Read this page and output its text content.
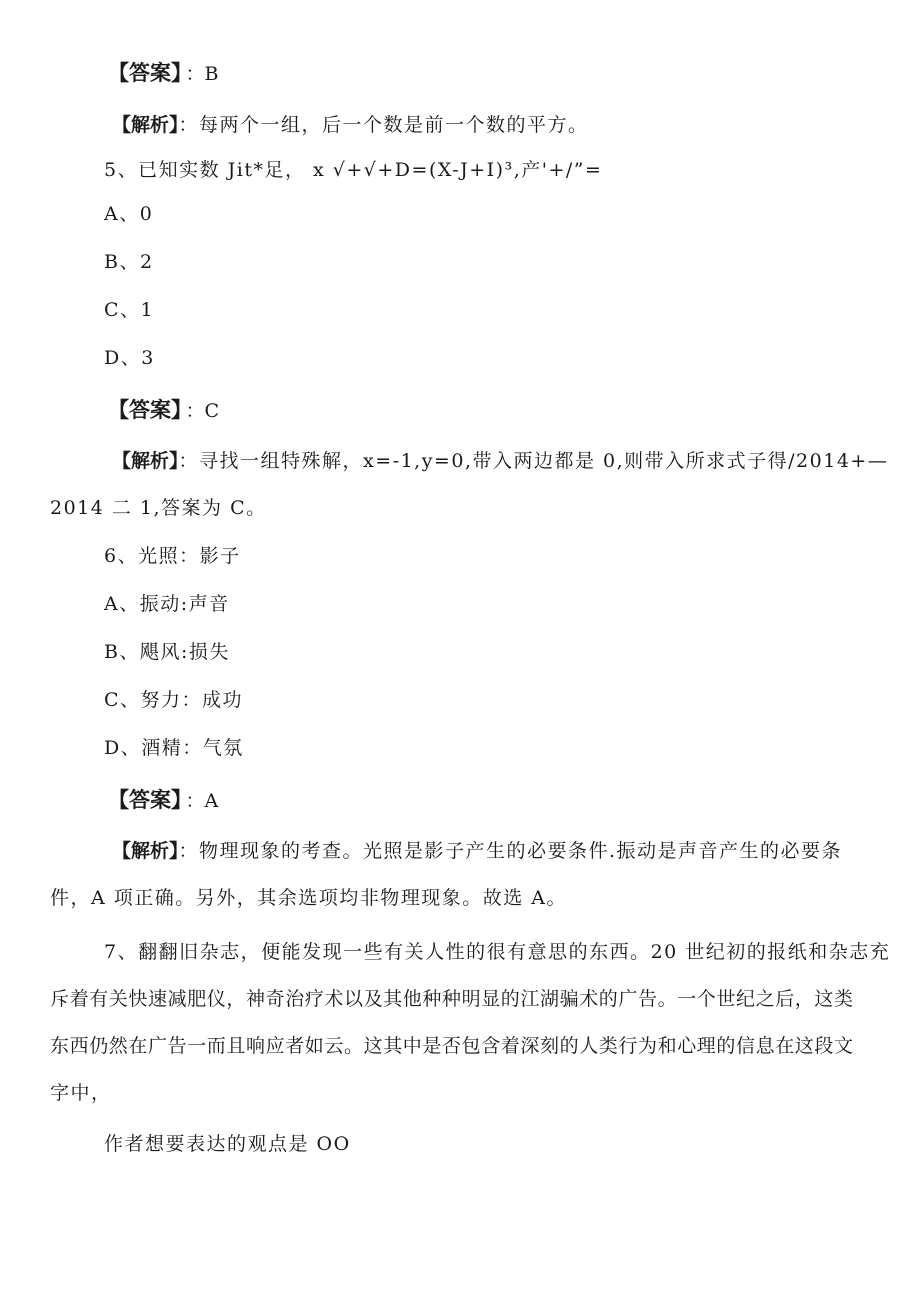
【答案】 ：B
【解析】：每两个一组，后一个数是前一个数的平方。
5、已知实数 Jit*足， x √+√+D=(X-J+I)³,产'+/”=
A、0
B、2
C、1
D、3
【答案】 ：C
【解析】：寻找一组特殊解，x=-1,y=0,带入两边都是 0,则带入所求式子得/2014+—
2014 二 1,答案为 C。
6、光照：影子
A、振动:声音
B、飓风:损失
C、努力：成功
D、酒精：气氛
【答案】 ：A
【解析】：物理现象的考查。光照是影子产生的必要条件.振动是声音产生的必要条
件，A 项正确。另外，其余选项均非物理现象。故选 A。
7、翻翻旧杂志，便能发现一些有关人性的很有意思的东西。20 世纪初的报纸和杂志充
斥着有关快速减肥仪，神奇治疗术以及其他种种明显的江湖骗术的广告。一个世纪之后，这类
东西仍然在广告一而且响应者如云。这其中是否包含着深刻的人类行为和心理的信息在这段文
字中，
作者想要表达的观点是 OO
